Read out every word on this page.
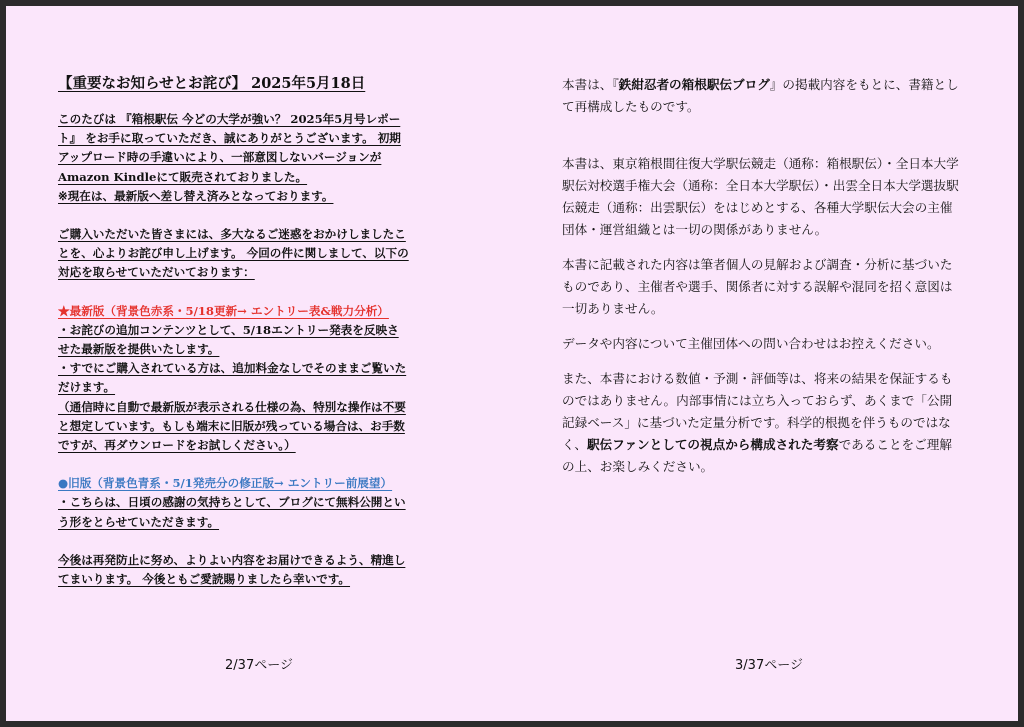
【重要なお知らせとお詫び】 2025年5月18日

このたびは 『箱根駅伝 今どの大学が強い？ 2025年5月号レポー
ト』 をお手に取っていただき、誠にありがとうございます。 初期
アップロード時の手違いにより、一部意図しないバージョンが
Amazon Kindleにて販売されておりました。
※現在は、最新版へ差し替え済みとなっております。

ご購入いただいた皆さまには、多大なるご迷惑をおかけしましたこ
とを、心よりお詫び申し上げます。 今回の件に関しまして、以下の
対応を取らせていただいております：

★最新版（背景色赤系・5/18更新→ エントリー表&戦力分析）
・お詫びの追加コンテンツとして、5/18エントリー発表を反映さ
せた最新版を提供いたします。
・すでにご購入されている方は、追加料金なしでそのままご覧いた
だけます。
（通信時に自動で最新版が表示される仕様の為、特別な操作は不要
と想定しています。もしも端末に旧版が残っている場合は、お手数
ですが、再ダウンロードをお試しください。）

●旧版（背景色青系・5/1発売分の修正版→ エントリー前展望）
・こちらは、日頃の感謝の気持ちとして、ブログにて無料公開とい
う形をとらせていただきます。

今後は再発防止に努め、よりよい内容をお届けできるよう、精進し
てまいります。 今後ともご愛読賜りましたら幸いです。

2/37ページ

本書は、『鉄紺忍者の箱根駅伝ブログ』の掲載内容をもとに、書籍として再構成したものです。

本書は、東京箱根間往復大学駅伝競走（通称：箱根駅伝）・全日本大学駅伝対校選手権大会（通称：全日本大学駅伝）・出雲全日本大学選抜駅伝競走（通称：出雲駅伝）をはじめとする、各種大学駅伝大会の主催団体・運営組織とは一切の関係がありません。

本書に記載された内容は筆者個人の見解および調査・分析に基づいたものであり、主催者や選手、関係者に対する誤解や混同を招く意図は一切ありません。

データや内容について主催団体への問い合わせはお控えください。

また、本書における数値・予測・評価等は、将来の結果を保証するものではありません。内部事情には立ち入っておらず、あくまで「公開記録ベース」に基づいた定量分析です。科学的根拠を伴うものではなく、駅伝ファンとしての視点から構成された考察であることをご理解の上、お楽しみください。

3/37ページ
